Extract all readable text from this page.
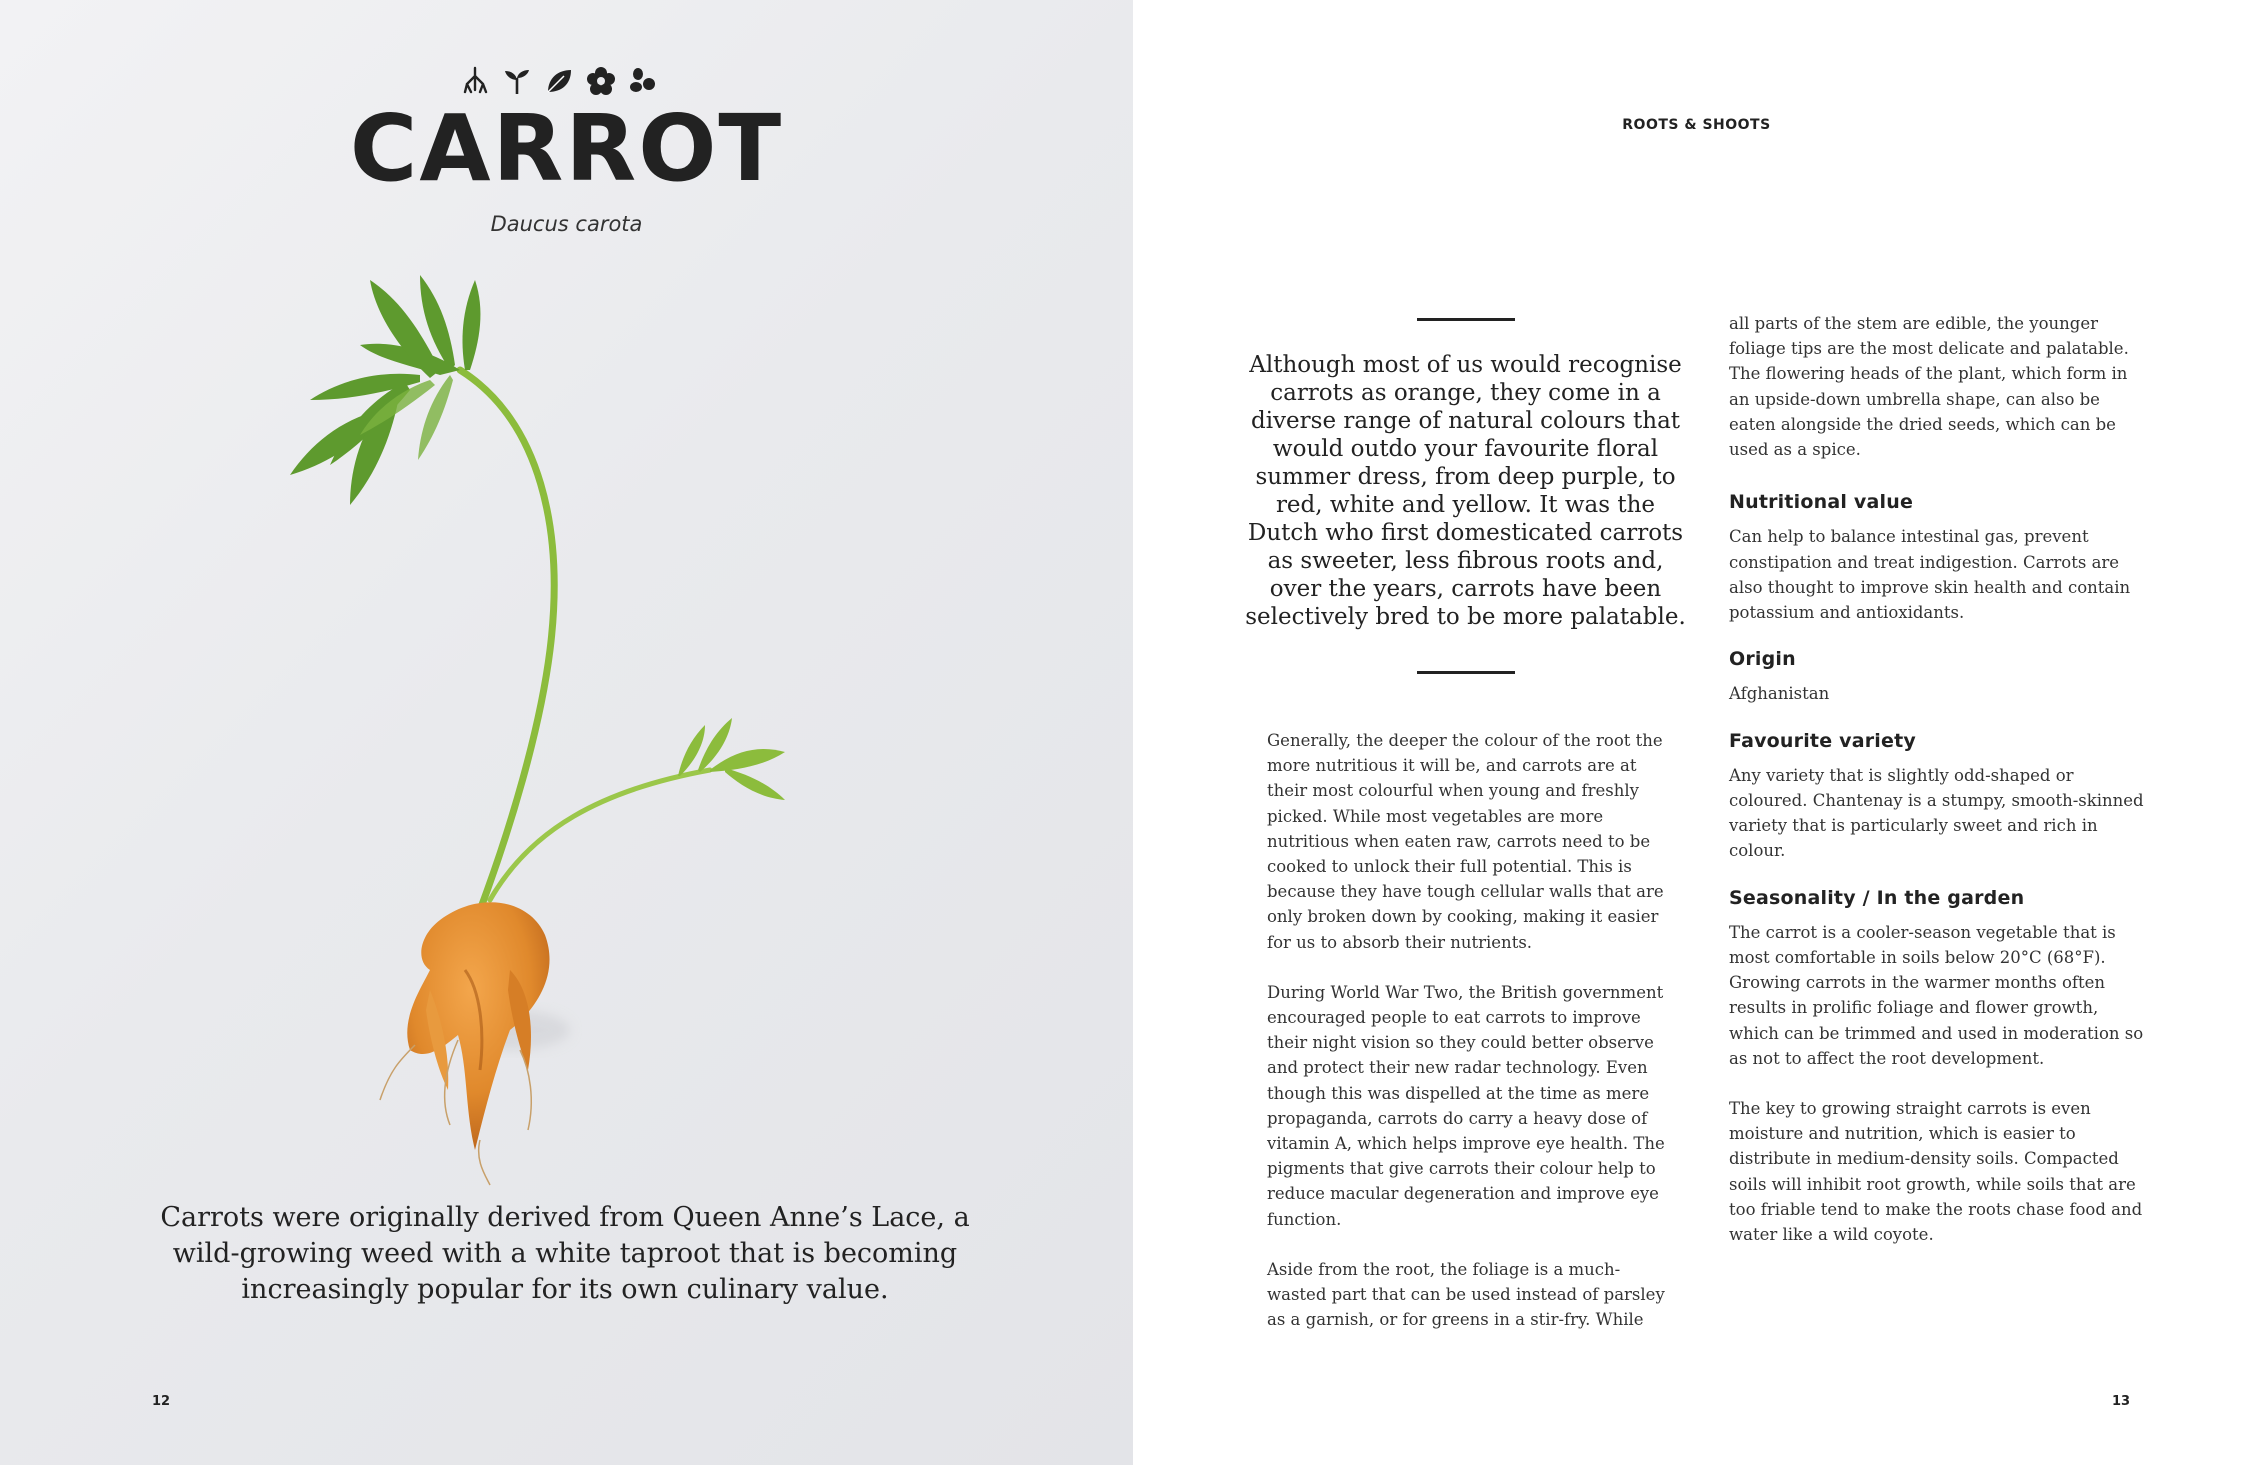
CARROT
Daucus carota
Carrots were originally derived from Queen Anne’s Lace, a wild-growing weed with a white taproot that is becoming increasingly popular for its own culinary value.
12
ROOTS & SHOOTS
Although most of us would recognise carrots as orange, they come in a diverse range of natural colours that would outdo your favourite floral summer dress, from deep purple, to red, white and yellow. It was the Dutch who first domesticated carrots as sweeter, less fibrous roots and, over the years, carrots have been selectively bred to be more palatable.

Generally, the deeper the colour of the root the more nutritious it will be, and carrots are at their most colourful when young and freshly picked. While most vegetables are more nutritious when eaten raw, carrots need to be cooked to unlock their full potential. This is because they have tough cellular walls that are only broken down by cooking, making it easier for us to absorb their nutrients.

During World War Two, the British government encouraged people to eat carrots to improve their night vision so they could better observe and protect their new radar technology. Even though this was dispelled at the time as mere propaganda, carrots do carry a heavy dose of vitamin A, which helps improve eye health. The pigments that give carrots their colour help to reduce macular degeneration and improve eye function.

Aside from the root, the foliage is a much-wasted part that can be used instead of parsley as a garnish, or for greens in a stir-fry. While

all parts of the stem are edible, the younger foliage tips are the most delicate and palatable. The flowering heads of the plant, which form in an upside-down umbrella shape, can also be eaten alongside the dried seeds, which can be used as a spice.

Nutritional value

Can help to balance intestinal gas, prevent constipation and treat indigestion. Carrots are also thought to improve skin health and contain potassium and antioxidants.

Origin

Afghanistan

Favourite variety

Any variety that is slightly odd-shaped or coloured. Chantenay is a stumpy, smooth-skinned variety that is particularly sweet and rich in colour.

Seasonality / In the garden

The carrot is a cooler-season vegetable that is most comfortable in soils below 20°C (68°F). Growing carrots in the warmer months often results in prolific foliage and flower growth, which can be trimmed and used in moderation so as not to affect the root development.

The key to growing straight carrots is even moisture and nutrition, which is easier to distribute in medium-density soils. Compacted soils will inhibit root growth, while soils that are too friable tend to make the roots chase food and water like a wild coyote.

13
